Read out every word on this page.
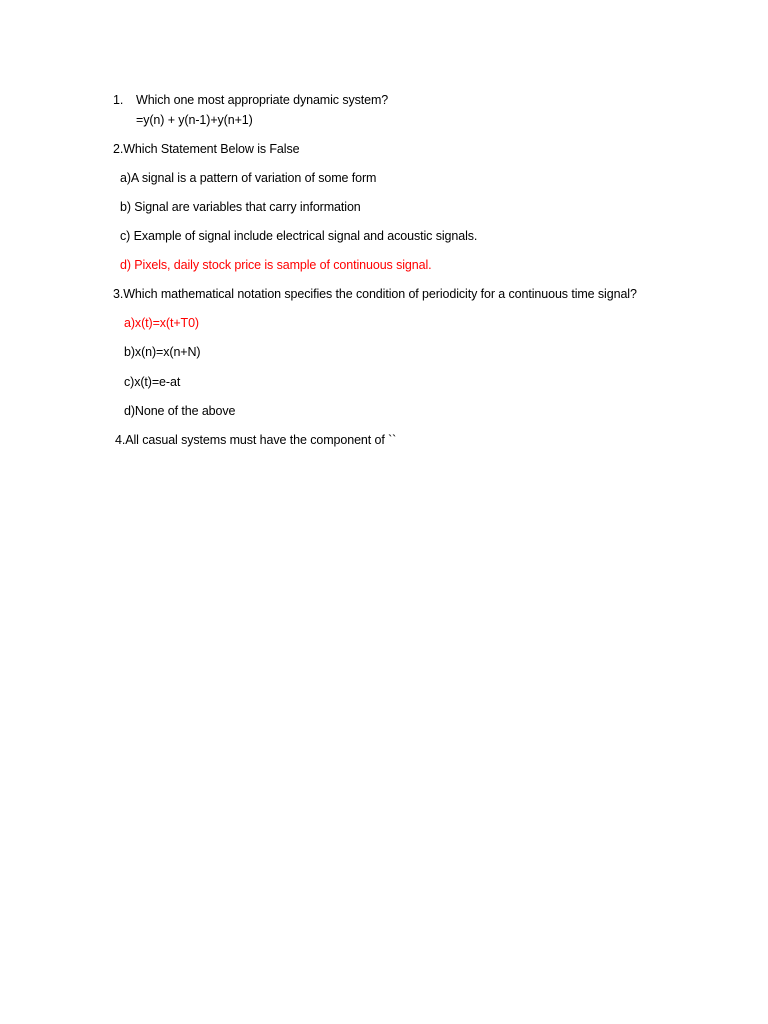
1. Which one most appropriate dynamic system?
=y(n) + y(n-1)+y(n+1)
2.Which Statement Below is False
a)A signal is a pattern of variation of some form
b) Signal are variables that carry information
c) Example of signal include electrical signal and acoustic signals.
d) Pixels, daily stock price is sample of continuous signal.
3.Which mathematical notation specifies the condition of periodicity for a continuous time signal?
a)x(t)=x(t+T0)
b)x(n)=x(n+N)
c)x(t)=e-at
d)None of the above
4.All casual systems must have the component of ``
